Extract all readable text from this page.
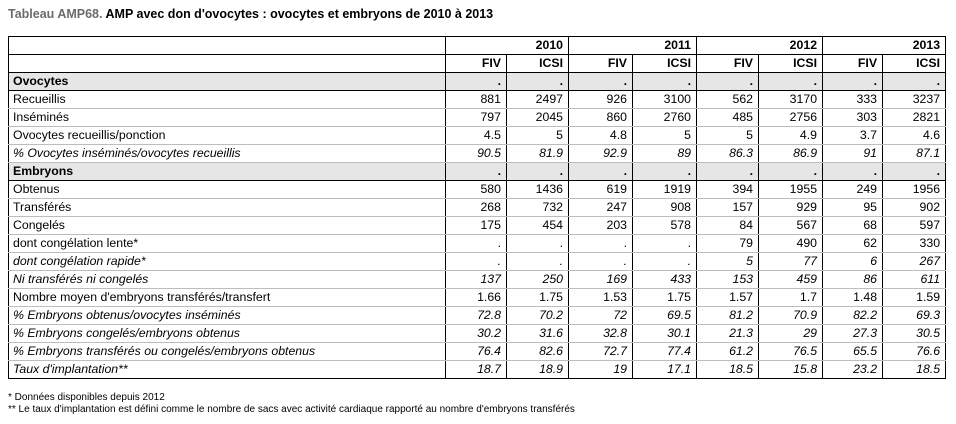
Tableau AMP68. AMP avec don d'ovocytes : ovocytes et embryons de 2010 à 2013
	2010		2011		2012		2013	
	FIV	ICSI	FIV	ICSI	FIV	ICSI	FIV	ICSI
Ovocytes	.	.	.	.	.	.	.	.
Recueillis	881	2497	926	3100	562	3170	333	3237
Inséminés	797	2045	860	2760	485	2756	303	2821
Ovocytes recueillis/ponction	4.5	5	4.8	5	5	4.9	3.7	4.6
% Ovocytes inséminés/ovocytes recueillis	90.5	81.9	92.9	89	86.3	86.9	91	87.1
Embryons	.	.	.	.	.	.	.	.
Obtenus	580	1436	619	1919	394	1955	249	1956
Transférés	268	732	247	908	157	929	95	902
Congelés	175	454	203	578	84	567	68	597
dont congélation lente*	.	.	.	.	79	490	62	330
dont congélation rapide*	.	.	.	.	5	77	6	267
Ni transférés ni congelés	137	250	169	433	153	459	86	611
Nombre moyen d'embryons transférés/transfert	1.66	1.75	1.53	1.75	1.57	1.7	1.48	1.59
% Embryons obtenus/ovocytes inséminés	72.8	70.2	72	69.5	81.2	70.9	82.2	69.3
% Embryons congelés/embryons obtenus	30.2	31.6	32.8	30.1	21.3	29	27.3	30.5
% Embryons transférés ou congelés/embryons obtenus	76.4	82.6	72.7	77.4	61.2	76.5	65.5	76.6
Taux d'implantation**	18.7	18.9	19	17.1	18.5	15.8	23.2	18.5
* Données disponibles depuis 2012
** Le taux d'implantation est défini comme le nombre de sacs avec activité cardiaque rapporté au nombre d'embryons transférés
